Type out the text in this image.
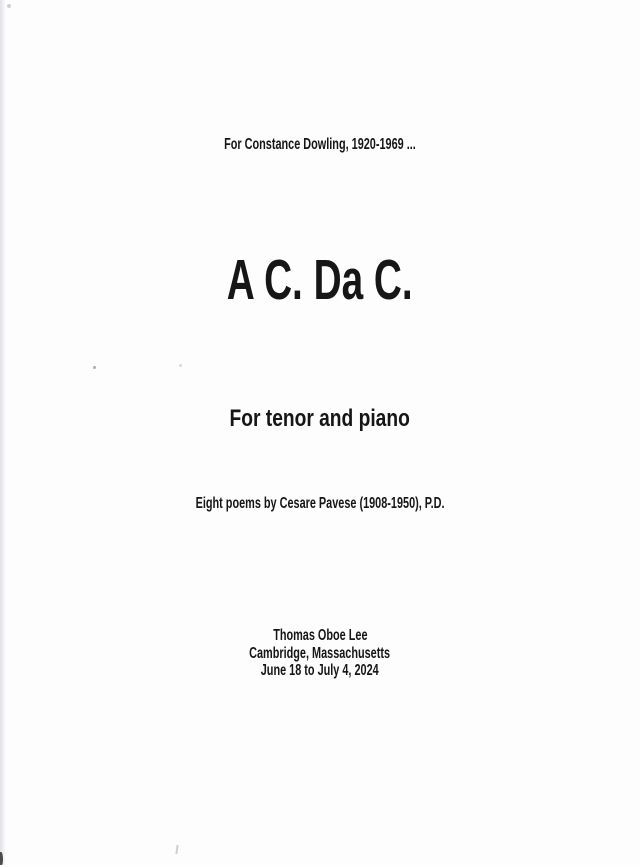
For Constance Dowling, 1920-1969 ...
A C. Da C.
For tenor and piano
Eight poems by Cesare Pavese (1908-1950), P.D.
Thomas Oboe Lee
Cambridge, Massachusetts
June 18 to July 4, 2024
